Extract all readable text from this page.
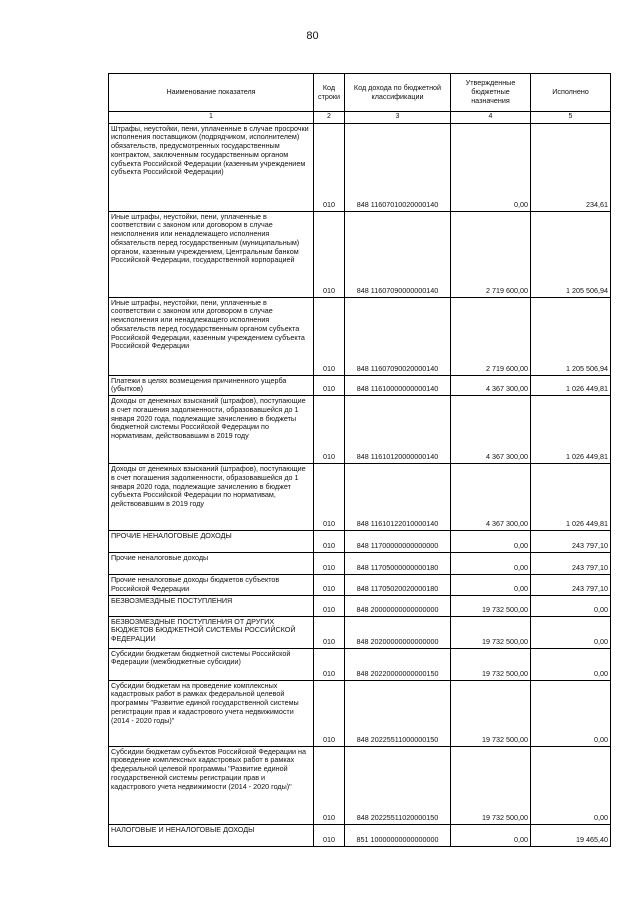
80
Наименование показателя	Код строки	Код дохода по бюджетной классификации	Утвержденные бюджетные назначения	Исполнено
1	2	3	4	5
Штрафы, неустойки, пени, уплаченные в случае просрочки исполнения поставщиком (подрядчиком, исполнителем) обязательств, предусмотренных государственным контрактом, заключенным государственным органом субъекта Российской Федерации (казенным учреждением субъекта Российской Федерации)	010	848 11607010020000140	0,00	234,61
Иные штрафы, неустойки, пени, уплаченные в соответствии с законом или договором в случае неисполнения или ненадлежащего исполнения обязательств перед государственным (муниципальным) органом, казенным учреждением, Центральным банком Российской Федерации, государственной корпорацией	010	848 11607090000000140	2 719 600,00	1 205 506,94
Иные штрафы, неустойки, пени, уплаченные в соответствии с законом или договором в случае неисполнения или ненадлежащего исполнения обязательств перед государственным органом субъекта Российской Федерации, казенным учреждением субъекта Российской Федерации	010	848 11607090020000140	2 719 600,00	1 205 506,94
Платежи в целях возмещения причиненного ущерба (убытков)	010	848 11610000000000140	4 367 300,00	1 026 449,81
Доходы от денежных взысканий (штрафов), поступающие в счет погашения задолженности, образовавшейся до 1 января 2020 года, подлежащие зачислению в бюджеты бюджетной системы Российской Федерации по нормативам, действовавшим в 2019 году	010	848 11610120000000140	4 367 300,00	1 026 449,81
Доходы от денежных взысканий (штрафов), поступающие в счет погашения задолженности, образовавшейся до 1 января 2020 года, подлежащие зачислению в бюджет субъекта Российской Федерации по нормативам, действовавшим в 2019 году	010	848 11610122010000140	4 367 300,00	1 026 449,81
ПРОЧИЕ НЕНАЛОГОВЫЕ ДОХОДЫ	010	848 11700000000000000	0,00	243 797,10
Прочие неналоговые доходы	010	848 11705000000000180	0,00	243 797,10
Прочие неналоговые доходы бюджетов субъектов Российской Федерации	010	848 11705020020000180	0,00	243 797,10
БЕЗВОЗМЕЗДНЫЕ ПОСТУПЛЕНИЯ	010	848 20000000000000000	19 732 500,00	0,00
БЕЗВОЗМЕЗДНЫЕ ПОСТУПЛЕНИЯ ОТ ДРУГИХ БЮДЖЕТОВ БЮДЖЕТНОЙ СИСТЕМЫ РОССИЙСКОЙ ФЕДЕРАЦИИ	010	848 20200000000000000	19 732 500,00	0,00
Субсидии бюджетам бюджетной системы Российской Федерации (межбюджетные субсидии)	010	848 20220000000000150	19 732 500,00	0,00
Субсидии бюджетам на проведение комплексных кадастровых работ в рамках федеральной целевой программы "Развитие единой государственной системы регистрации прав и кадастрового учета недвижимости (2014 - 2020 годы)"	010	848 20225511000000150	19 732 500,00	0,00
Субсидии бюджетам субъектов Российской Федерации на проведение комплексных кадастровых работ в рамках федеральной целевой программы "Развитие единой государственной системы регистрации прав и кадастрового учета недвижимости (2014 - 2020 годы)"	010	848 20225511020000150	19 732 500,00	0,00
НАЛОГОВЫЕ И НЕНАЛОГОВЫЕ ДОХОДЫ	010	851 10000000000000000	0,00	19 465,40
